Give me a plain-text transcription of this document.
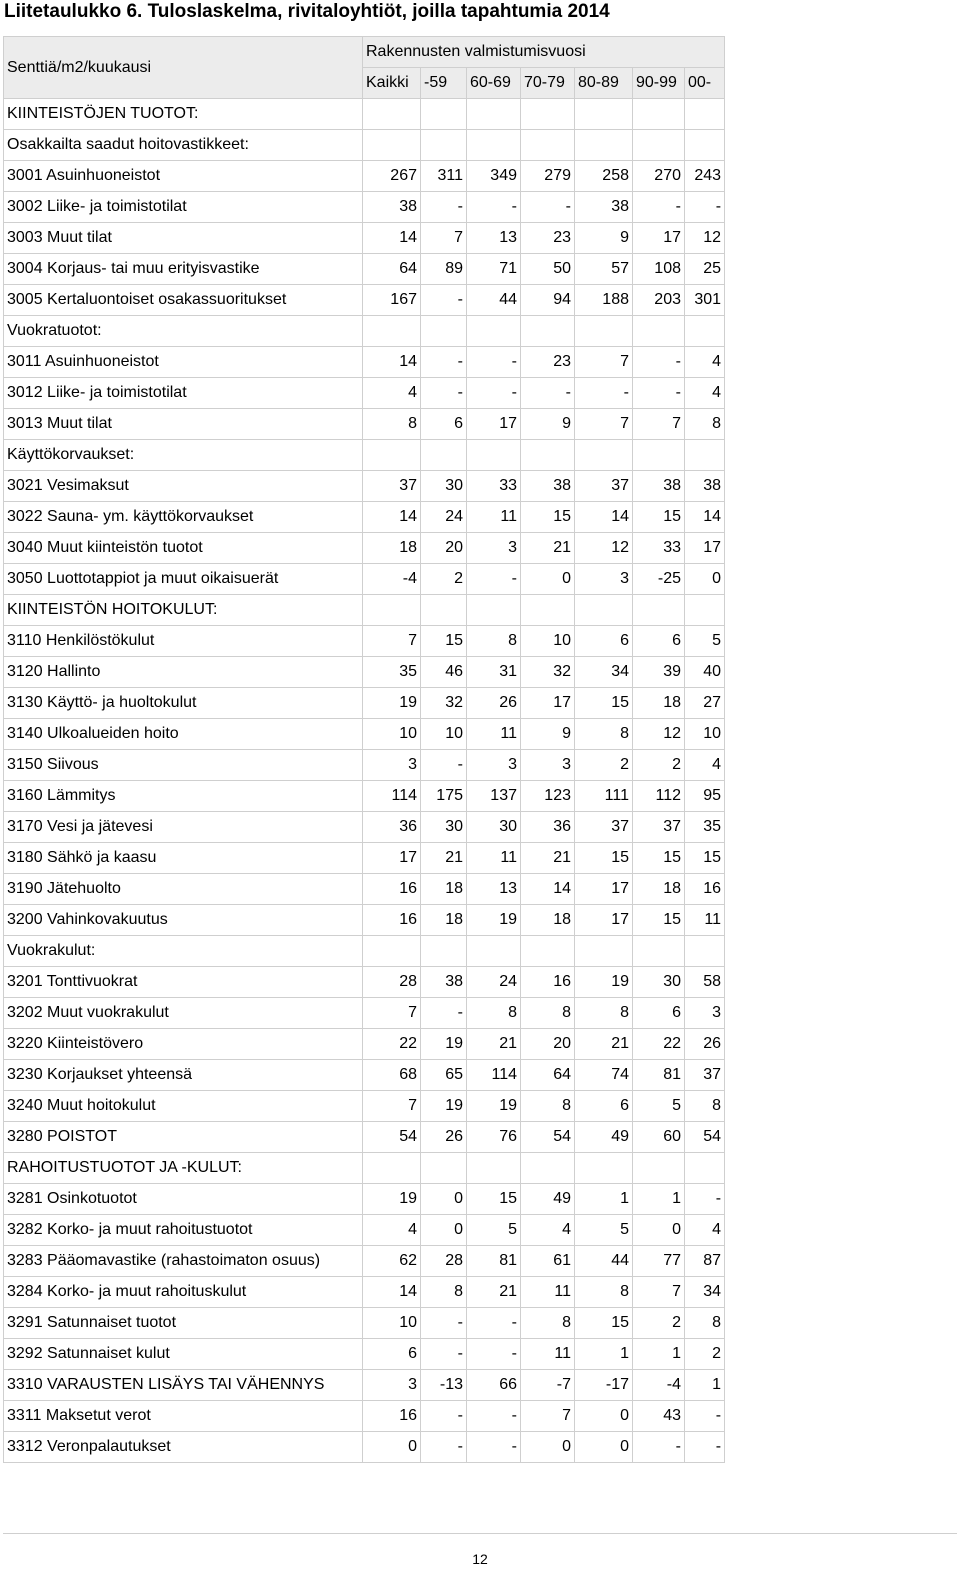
Liitetaulukko 6. Tuloslaskelma, rivitaloyhtiöt, joilla tapahtumia 2014
Senttiä/m2/kuukausi	Rakennusten valmistumisvuosi						
	Kaikki	-59	60-69	70-79	80-89	90-99	00-
KIINTEISTÖJEN TUOTOT:							
Osakkailta saadut hoitovastikkeet:							
3001 Asuinhuoneistot	267	311	349	279	258	270	243
3002 Liike- ja toimistotilat	38	-	-	-	38	-	-
3003 Muut tilat	14	7	13	23	9	17	12
3004 Korjaus- tai muu erityisvastike	64	89	71	50	57	108	25
3005 Kertaluontoiset osakassuoritukset	167	-	44	94	188	203	301
Vuokratuotot:							
3011 Asuinhuoneistot	14	-	-	23	7	-	4
3012 Liike- ja toimistotilat	4	-	-	-	-	-	4
3013 Muut tilat	8	6	17	9	7	7	8
Käyttökorvaukset:							
3021 Vesimaksut	37	30	33	38	37	38	38
3022 Sauna- ym. käyttökorvaukset	14	24	11	15	14	15	14
3040 Muut kiinteistön tuotot	18	20	3	21	12	33	17
3050 Luottotappiot ja muut oikaisuerät	-4	2	-	0	3	-25	0
KIINTEISTÖN HOITOKULUT:							
3110 Henkilöstökulut	7	15	8	10	6	6	5
3120 Hallinto	35	46	31	32	34	39	40
3130 Käyttö- ja huoltokulut	19	32	26	17	15	18	27
3140 Ulkoalueiden hoito	10	10	11	9	8	12	10
3150 Siivous	3	-	3	3	2	2	4
3160 Lämmitys	114	175	137	123	111	112	95
3170 Vesi ja jätevesi	36	30	30	36	37	37	35
3180 Sähkö ja kaasu	17	21	11	21	15	15	15
3190 Jätehuolto	16	18	13	14	17	18	16
3200 Vahinkovakuutus	16	18	19	18	17	15	11
Vuokrakulut:							
3201 Tonttivuokrat	28	38	24	16	19	30	58
3202 Muut vuokrakulut	7	-	8	8	8	6	3
3220 Kiinteistövero	22	19	21	20	21	22	26
3230 Korjaukset yhteensä	68	65	114	64	74	81	37
3240 Muut hoitokulut	7	19	19	8	6	5	8
3280 POISTOT	54	26	76	54	49	60	54
RAHOITUSTUOTOT JA -KULUT:							
3281 Osinkotuotot	19	0	15	49	1	1	-
3282 Korko- ja muut rahoitustuotot	4	0	5	4	5	0	4
3283 Pääomavastike (rahastoimaton osuus)	62	28	81	61	44	77	87
3284 Korko- ja muut rahoituskulut	14	8	21	11	8	7	34
3291 Satunnaiset tuotot	10	-	-	8	15	2	8
3292 Satunnaiset kulut	6	-	-	11	1	1	2
3310 VARAUSTEN LISÄYS TAI VÄHENNYS	3	-13	66	-7	-17	-4	1
3311 Maksetut verot	16	-	-	7	0	43	-
3312 Veronpalautukset	0	-	-	0	0	-	-
12
